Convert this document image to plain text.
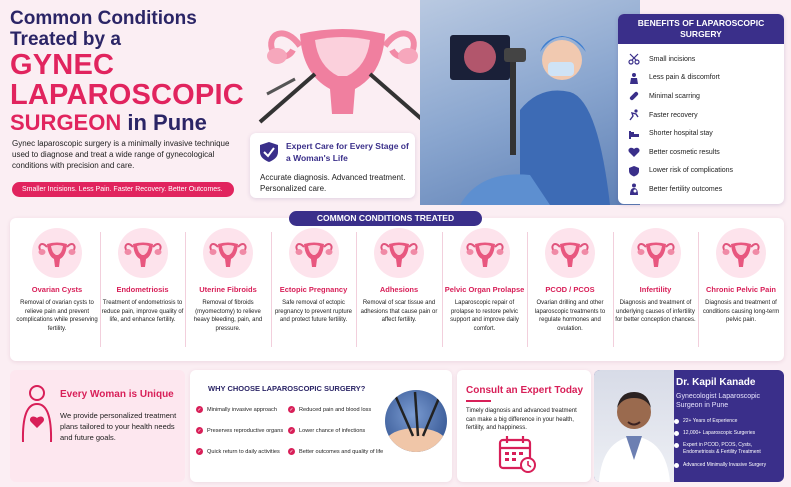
Common Conditions
Treated by a
GYNEC
LAPAROSCOPIC
SURGEON in Pune
Gynec laparoscopic surgery is a minimally invasive technique used to diagnose and treat a wide range of gynecological conditions with precision and care.
Smaller Incisions. Less Pain. Faster Recovery. Better Outcomes.
Expert Care for Every Stage of a Woman's Life
Accurate diagnosis. Advanced treatment. Personalized care.
BENEFITS OF LAPAROSCOPIC SURGERY
Small incisions
Less pain & discomfort
Minimal scarring
Faster recovery
Shorter hospital stay
Better cosmetic results
Lower risk of complications
Better fertility outcomes
COMMON CONDITIONS TREATED
Ovarian Cysts
Removal of ovarian cysts to relieve pain and prevent complications while preserving fertility.
Endometriosis
Treatment of endometriosis to reduce pain, improve quality of life, and enhance fertility.
Uterine Fibroids
Removal of fibroids (myomectomy) to relieve heavy bleeding, pain, and pressure.
Ectopic Pregnancy
Safe removal of ectopic pregnancy to prevent rupture and protect future fertility.
Adhesions
Removal of scar tissue and adhesions that cause pain or affect fertility.
Pelvic Organ Prolapse
Laparoscopic repair of prolapse to restore pelvic support and improve daily comfort.
PCOD / PCOS
Ovarian drilling and other laparoscopic treatments to regulate hormones and ovulation.
Infertility
Diagnosis and treatment of underlying causes of infertility for better conception chances.
Chronic Pelvic Pain
Diagnosis and treatment of conditions causing long-term pelvic pain.
Every Woman is Unique
We provide personalized treatment plans tailored to your health needs and future goals.
WHY CHOOSE LAPAROSCOPIC SURGERY?
✓ Minimally invasive approach ✓ Reduced pain and blood loss
✓ Preserves reproductive organs ✓ Lower chance of infections
✓ Quick return to daily activities ✓ Better outcomes and quality of life
Consult an Expert Today
Timely diagnosis and advanced treatment can make a big difference in your health, fertility, and happiness.
Dr. Kapil Kanade
Gynecologist Laparoscopic Surgeon in Pune
22+ Years of Experience
12,000+ Laparoscopic Surgeries
Expert in PCOD, PCOS, Cysts, Endometriosis & Fertility Treatment
Advanced Minimally Invasive Surgery
